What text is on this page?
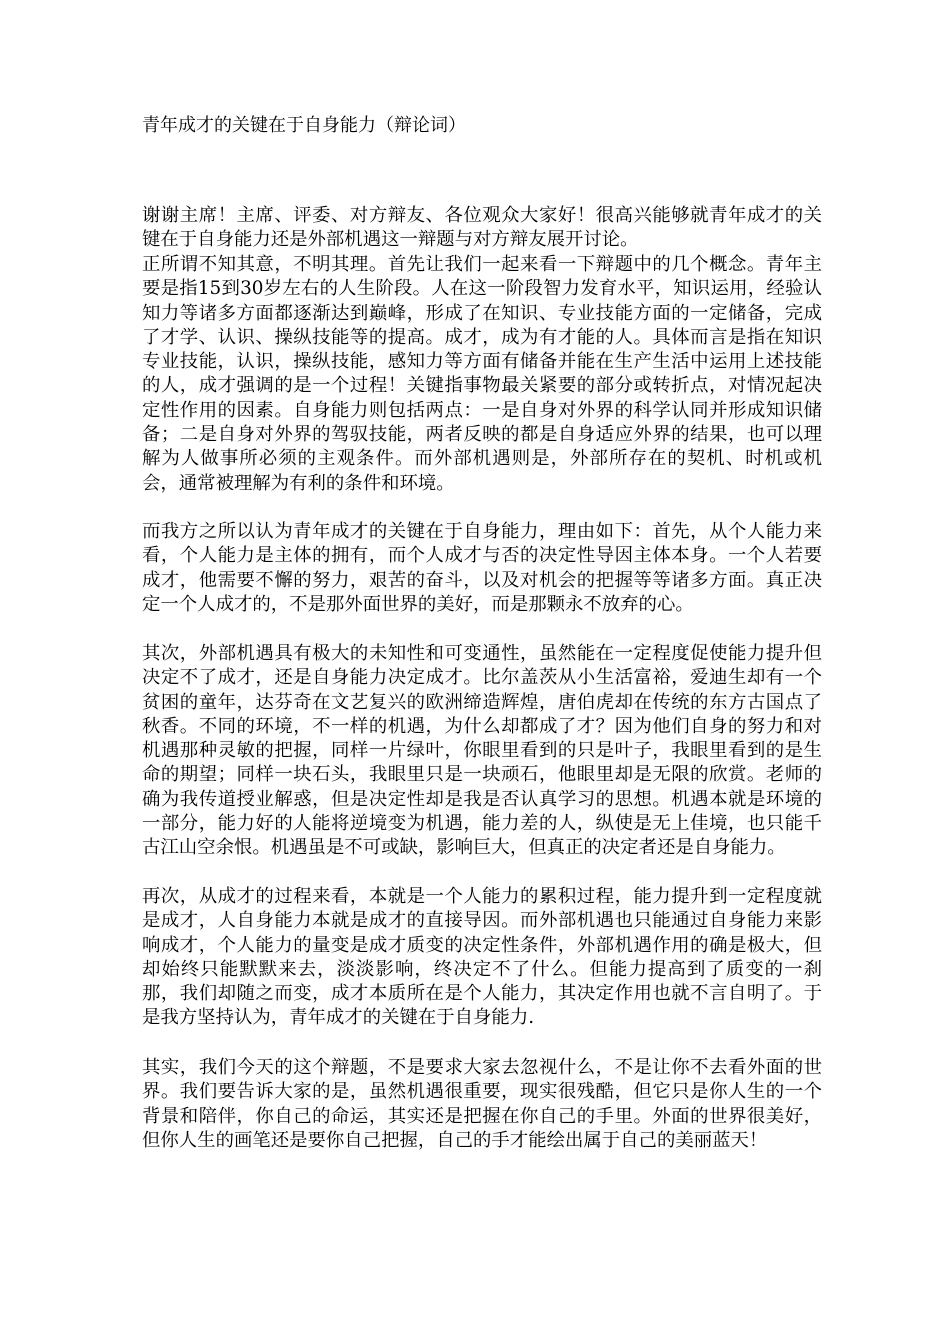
青年成才的关键在于自身能力（辩论词）
谢谢主席！主席、评委、对方辩友、各位观众大家好！很高兴能够就青年成才的关键在于自身能力还是外部机遇这一辩题与对方辩友展开讨论。
正所谓不知其意，不明其理。首先让我们一起来看一下辩题中的几个概念。青年主要是指15到30岁左右的人生阶段。人在这一阶段智力发育水平，知识运用，经验认知力等诸多方面都逐渐达到巅峰，形成了在知识、专业技能方面的一定储备，完成了才学、认识、操纵技能等的提高。成才，成为有才能的人。具体而言是指在知识专业技能，认识，操纵技能，感知力等方面有储备并能在生产生活中运用上述技能的人，成才强调的是一个过程！关键指事物最关紧要的部分或转折点，对情况起决定性作用的因素。自身能力则包括两点：一是自身对外界的科学认同并形成知识储备；二是自身对外界的驾驭技能，两者反映的都是自身适应外界的结果，也可以理解为人做事所必须的主观条件。而外部机遇则是，外部所存在的契机、时机或机会，通常被理解为有利的条件和环境。
而我方之所以认为青年成才的关键在于自身能力，理由如下：首先，从个人能力来看，个人能力是主体的拥有，而个人成才与否的决定性导因主体本身。一个人若要成才，他需要不懈的努力，艰苦的奋斗，以及对机会的把握等等诸多方面。真正决定一个人成才的，不是那外面世界的美好，而是那颗永不放弃的心。
其次，外部机遇具有极大的未知性和可变通性，虽然能在一定程度促使能力提升但决定不了成才，还是自身能力决定成才。比尔盖茨从小生活富裕，爱迪生却有一个贫困的童年，达芬奇在文艺复兴的欧洲缔造辉煌，唐伯虎却在传统的东方古国点了秋香。不同的环境，不一样的机遇，为什么却都成了才？因为他们自身的努力和对机遇那种灵敏的把握，同样一片绿叶，你眼里看到的只是叶子，我眼里看到的是生命的期望；同样一块石头，我眼里只是一块顽石，他眼里却是无限的欣赏。老师的确为我传道授业解惑，但是决定性却是我是否认真学习的思想。机遇本就是环境的一部分，能力好的人能将逆境变为机遇，能力差的人，纵使是无上佳境，也只能千古江山空余恨。机遇虽是不可或缺，影响巨大，但真正的决定者还是自身能力。
再次，从成才的过程来看，本就是一个人能力的累积过程，能力提升到一定程度就是成才，人自身能力本就是成才的直接导因。而外部机遇也只能通过自身能力来影响成才，个人能力的量变是成才质变的决定性条件，外部机遇作用的确是极大，但却始终只能默默来去，淡淡影响，终决定不了什么。但能力提高到了质变的一刹那，我们却随之而变，成才本质所在是个人能力，其决定作用也就不言自明了。于是我方坚持认为，青年成才的关键在于自身能力.
其实，我们今天的这个辩题，不是要求大家去忽视什么，不是让你不去看外面的世界。我们要告诉大家的是，虽然机遇很重要，现实很残酷，但它只是你人生的一个背景和陪伴，你自己的命运，其实还是把握在你自己的手里。外面的世界很美好，但你人生的画笔还是要你自己把握，自己的手才能绘出属于自己的美丽蓝天！
